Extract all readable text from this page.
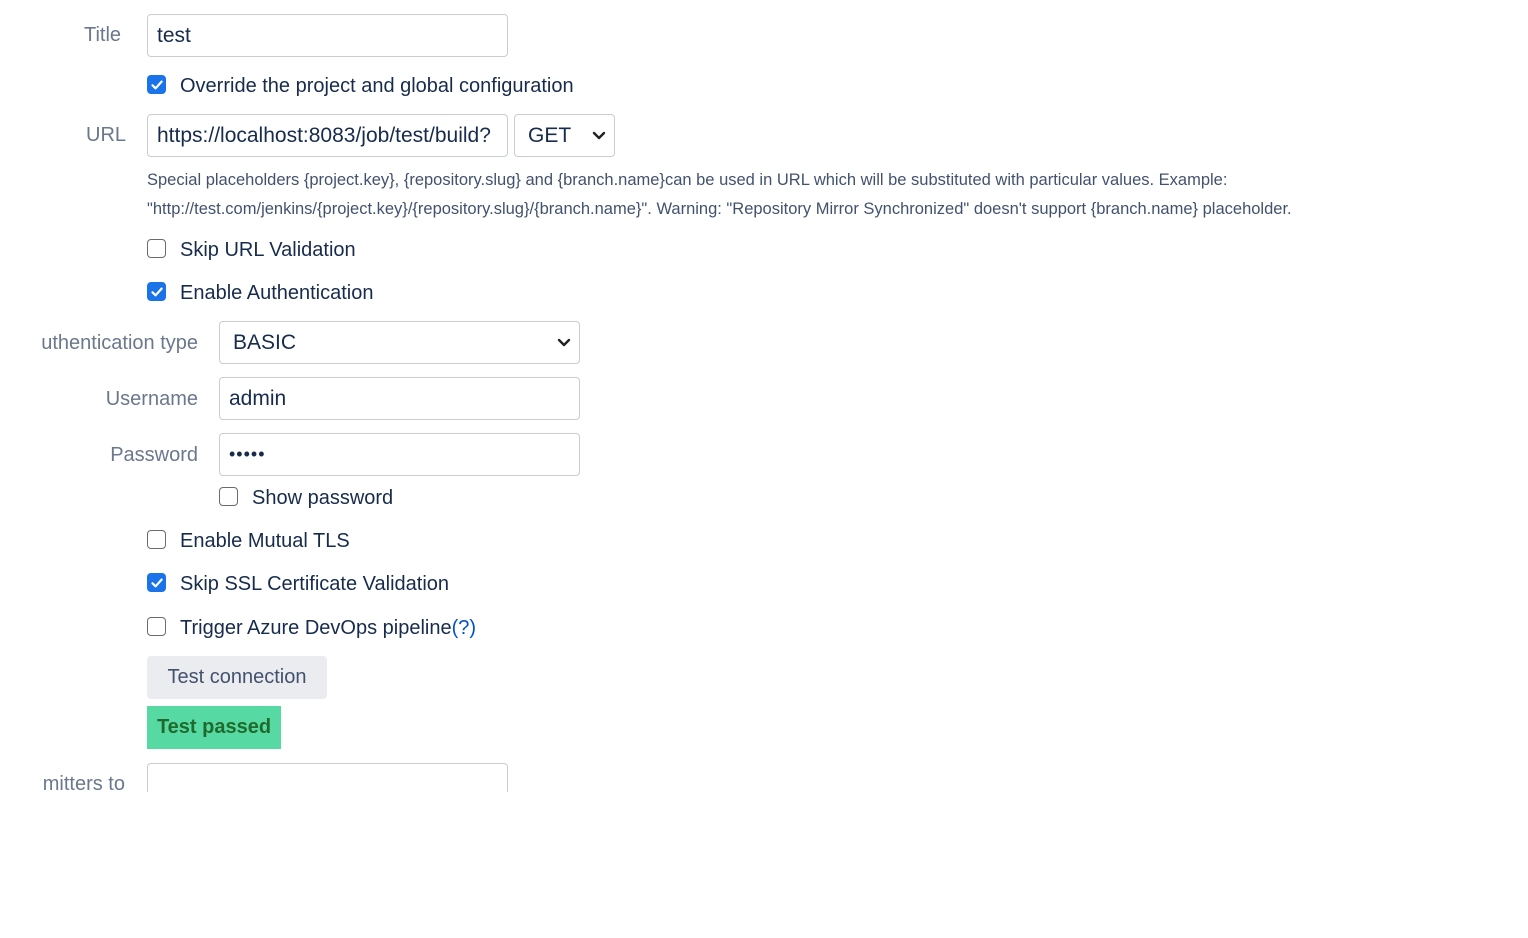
Title	test
Override the project and global configuration
URL	https://localhost:8083/job/test/build?	GET

Special placeholders {project.key}, {repository.slug} and {branch.name}can be used in URL which will be substituted with particular values. Example:

"http://test.com/jenkins/{project.key}/{repository.slug}/{branch.name}". Warning: "Repository Mirror Synchronized" doesn't support {branch.name} placeholder.

Skip URL Validation
Enable Authentication
uthentication type BASIC
Username	admin
Password	•••••
Show password
Enable Mutual TLS
Skip SSL Certificate Validation
Trigger Azure DevOps pipeline(?)
Test connection
Test passed
mitters to
